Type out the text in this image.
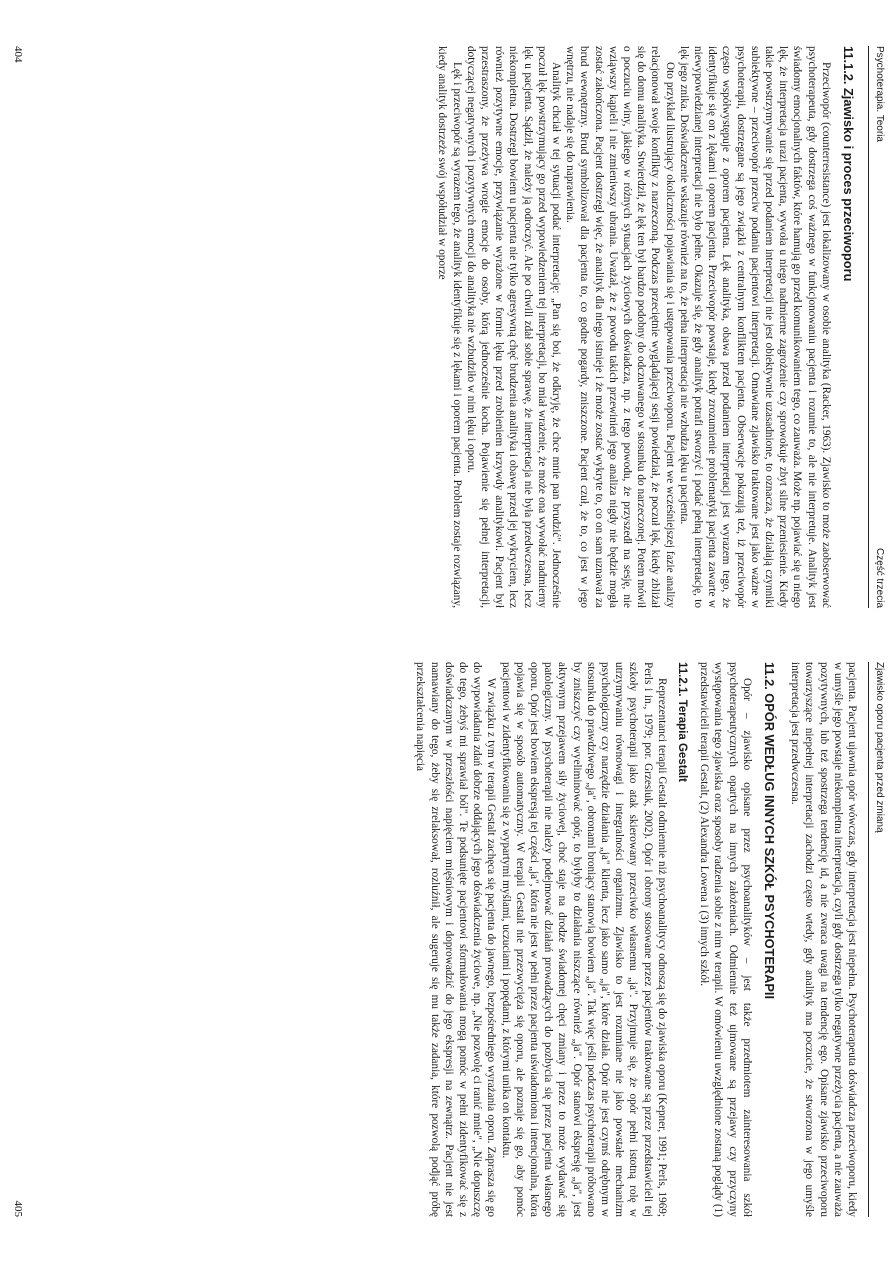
Psychoterapia. Teoria
Część trzecia
11.1.2. Zjawisko i proces przeciwoporu

Przeciwopór (counterresistance) jest lokalizowany w osobie analityka (Racker, 1963). Zjawisko to może zaobserwować psychoterapeuta, gdy dostrzega coś ważnego w funkcjonowaniu pacjenta i rozumie to, ale nie interpretuje. Analityk jest świadomy emocjonalnych faktów, które hamują go przed komunikowaniem tego, co zauważa. Może np. pojawiać się u niego lęk, że interpretacja urazi pacjenta, wywoła u niego nadmierne zagrożenie czy sprowokuje zbyt silne przeniesienie. Kiedy takie powstrzymywanie się przed podaniem interpretacji nie jest obiektywnie uzasadnione, to oznacza, że działają czynniki subiektywne – przeciwopór przeciw podaniu pacjentowi interpretacji. Omawiane zjawisko traktowane jest jako ważne w psychoterapii, dostrzegane są jego związki z centralnym konfliktem pacjenta. Obserwacje pokazują też, iż przeciwopór często współwystępuje z oporem pacjenta. Lęk analityka, obawa przed podaniem interpretacji jest wyrazem tego, że identyfikuje się on z lękami i oporem pacjenta. Przeciwopór powstaje, kiedy zrozumienie problematyki pacjenta zawarte w niewypowiedzianej interpretacji nie było pełne. Okazuje się, że gdy analityk potrafi stworzyć i podać pełną interpretację, to lęk jego znika. Doświadczenie wskazuje również na to, że pełna interpretacja nie wzbudza lęku u pacjenta.

Oto przykład ilustrujący okoliczności pojawiania się i ustępowania przeciwoporu. Pacjent we wcześniejszej fazie analizy relacjonował swoje konflikty z narzeczoną. Podczas przeciętnie wyglądającej sesji powiedział, że poczuł lęk, kiedy zbliżał się do domu analityka. Stwierdził, że lęk ten był bardzo podobny do odczuwanego w stosunku do narzeczonej. Potem mówił o poczuciu winy, jakiego w różnych sytuacjach życiowych doświadcza, np. z tego powodu, że przyszedł na sesję, nie wziąwszy kąpieli i nie zmieniwszy ubrania. Uważał, że z powodu takich przewinień jego analiza nigdy nie będzie mogła zostać zakończona. Pacjent dostrzegł więc, że analityk dla niego istnieje i że może zostać wykryte to, co on sam uznawał za brud wewnętrzny. Brud symbolizował dla pacjenta to, co godne pogardy, zniszczone. Pacjent czuł, że to, co jest w jego wnętrzu, nie nadaje się do naprawienia.

Analityk chciał w tej sytuacji podać interpretację: „Pan się boi, że odkryję, że chce mnie pan brudzić". Jednocześnie poczuł lęk powstrzymujący go przed wypowiedzeniem tej interpretacji, bo miał wrażenie, że może ona wywołać nadmierny lęk u pacjenta. Sądził, że należy ją odroczyć. Ale po chwili zdał sobie sprawę, że interpretacja nie była przedwczesna, lecz niekompletna. Dostrzegł bowiem u pacjenta nie tylko agresywną chęć brudzenia analityka i obawę przed jej wykryciem, lecz również pozytywne emocje, przywiązanie wyrażone w formie lęku przed zrobieniem krzywdy analitykowi. Pacjent był przestraszony, że przeżywa wrogie emocje do osoby, którą jednocześnie kocha. Pojawienie się pełnej interpretacji, dotyczącej negatywnych i pozytywnych emocji do analityka nie wzbudziło w nim lęku i oporu.

Lęk i przeciwopór są wyrazem tego, że analityk identyfikuje się z lękami i oporem pacjenta. Problem zostaje rozwiązany, kiedy analityk dostrzeże swój współudział w oporze

404
Zjawisko oporu pacjenta przed zmianą

pacjenta. Pacjent ujawnia opór wówczas, gdy interpretacja jest niepełna. Psychoterapeuta doświadcza przeciwoporu, kiedy w umyśle jego powstaje niekompletna interpretacja, czyli gdy dostrzega tylko negatywne przeżycia pacjenta, a nie zauważa pozytywnych, lub też spostrzega tendencję id, a nie zwraca uwagi na tendencję ego. Opisane zjawisko przeciwoporu towarzyszące niepełnej interpretacji zachodzi często wtedy, gdy analityk ma poczucie, że stworzona w jego umyśle interpretacja jest przedwczesna.

11.2. OPÓR WEDŁUG INNYCH SZKÓŁ PSYCHOTERAPII

Opór – zjawisko opisane przez psychoanalityków – jest także przedmiotem zainteresowania szkół psychoterapeutycznych opartych na innych założeniach. Odmiennie też ujmowane są przejawy czy przyczyny występowania tego zjawiska oraz sposoby radzenia sobie z nim w terapii. W omówieniu uwzględnione zostaną poglądy (1) przedstawicieli terapii Gestalt, (2) Alexandra Lowena i (3) innych szkół.

11.2.1. Terapia Gestalt

Reprezentanci terapii Gestalt odmiennie niż psychoanalitycy odnoszą się do zjawiska oporu (Kepner, 1991; Perls, 1969; Perls i in., 1979; por. Grzesiuk, 2002). Opór i obrony stosowane przez pacjentów traktowane są przez przedstawicieli tej szkoły psychoterapii jako atak skierowany przeciwko własnemu „ja". Przyjmuje się, że opór pełni istotną rolę w utrzymywaniu równowagi i integralności organizmu. Zjawisko to jest rozumiane nie jako powstałe mechanizm psychologiczny czy narzędzie działania „ja" klienta, lecz jako samo „ja", które działa. Opór nie jest czymś odrębnym w stosunku do prawdziwego „ja", obronami broniący stanowią bowiem „ja". Tak więc jeśli podczas psychoterapii próbowano by zniszczyć czy wyeliminować opór, to byłyby to działania niszczące również „ja". Opór stanowi ekspresję „ja", jest aktywnym przejawem siły życiowej, choć staje na drodze świadomej chęci zmiany i przez to może wydawać się patologiczny. W psychoterapii nie należy podejmować działań prowadzących do pozbycia się przez pacjenta własnego oporu. Opór jest bowiem ekspresją tej części „ja", która nie jest w pełni przez pacjenta uświadomiona i intencjonalna, która pojawia się w sposób automatyczny. W terapii Gestalt nie przezwycięża się oporu, ale poznaje się go, aby pomóc pacjentowi w zidentyfikowaniu się z wypartymi myślami, uczuciami i popędami, z którymi unika on kontaktu.

W związku z tym w terapii Gestalt zachęca się pacjenta do jawnego, bezpośredniego wyrażania oporu. Zaprasza się go do wypowiadania zdań dobrze oddających jego doświadczenia życiowe, np. „Nie pozwolę ci ranić mnie", „Nie dopuszczę do tego, żebyś mi sprawiał ból". Te podsunięte pacjentowi sformułowania mogą pomóc w pełni zidentyfikować się z doświadczanym w przeszłości napięciem mięśniowym i doprowadzić do jego ekspresji na zewnątrz. Pacjent nie jest namawiany do tego, żeby się zrelaksował, rozluźnił, ale sugeruje się mu także zadania, które pozwolą podjąć próbę przekształcenia napięcia

405
